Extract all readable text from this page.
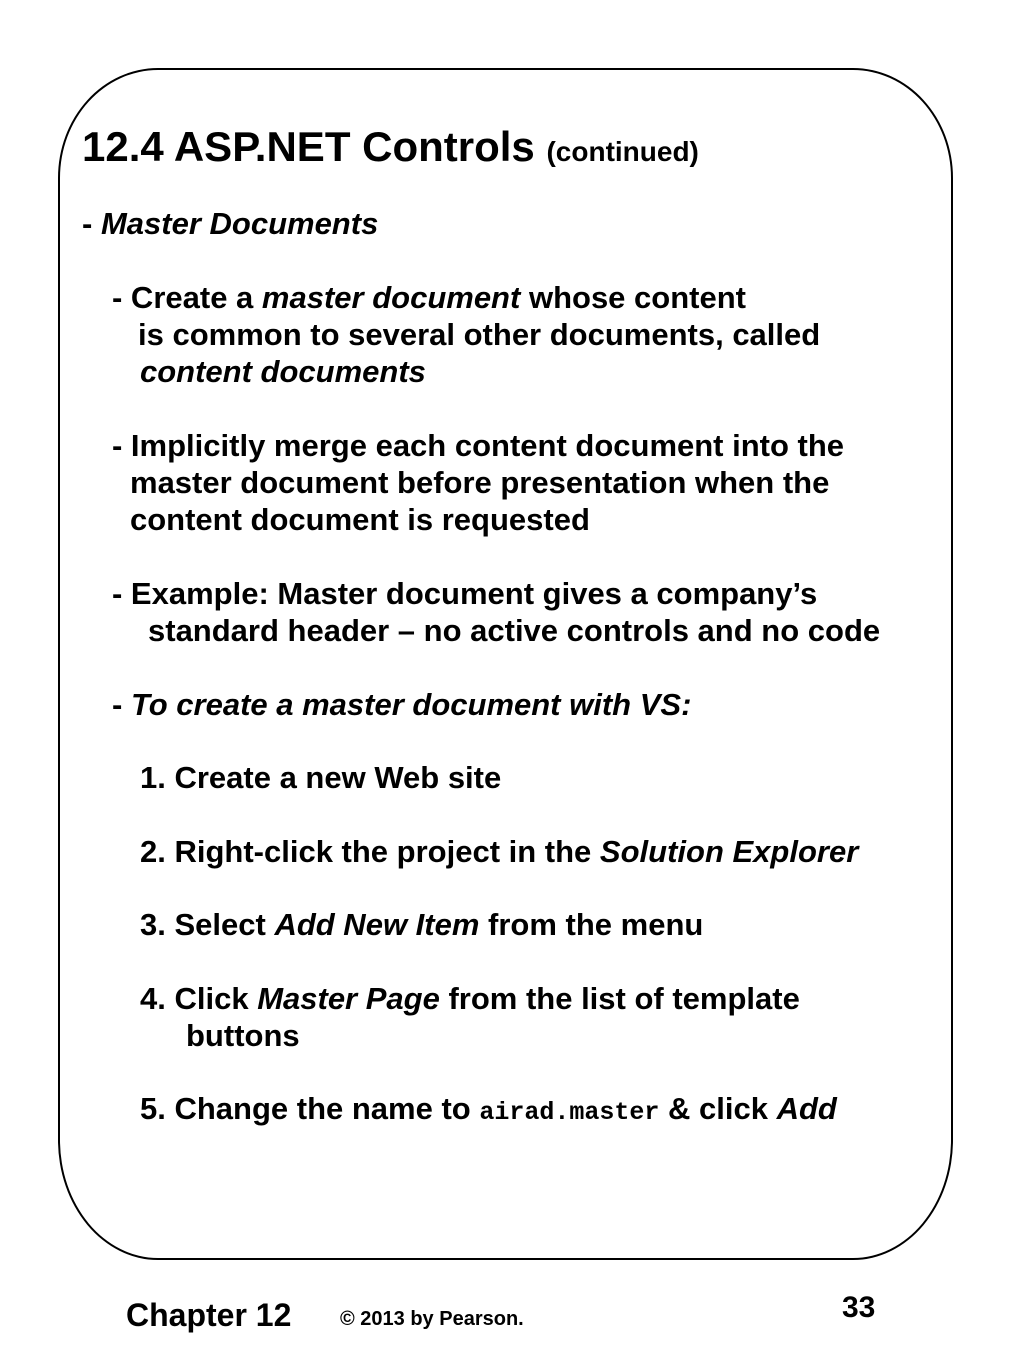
12.4 ASP.NET Controls (continued)
- Master Documents
- Create a master document whose content
is common to several other documents, called
content documents
- Implicitly merge each content document into the
master document before presentation when the
content document is requested
- Example: Master document gives a company’s
standard header – no active controls and no code
- To create a master document with VS:
1. Create a new Web site
2. Right-click the project in the Solution Explorer
3. Select Add New Item from the menu
4. Click Master Page from the list of template
buttons
5. Change the name to airad.master & click Add
Chapter 12 © 2013 by Pearson.	33
